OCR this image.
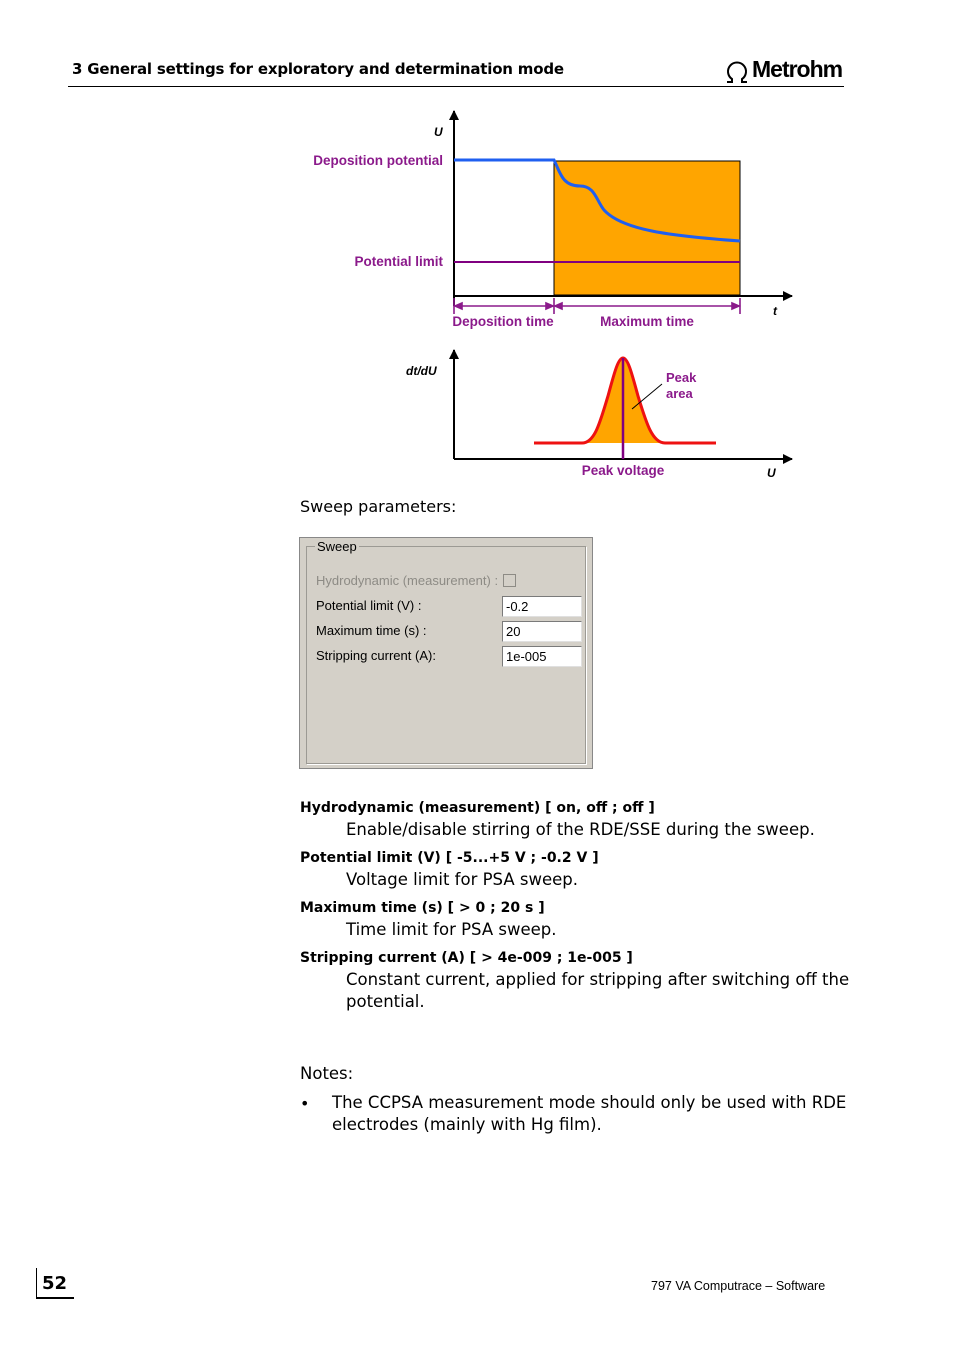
3 General settings for exploratory and determination mode	Metrohm
U
t
Deposition potential
Potential limit
Deposition time	Maximum time
dt/dU
U
Peak
area
Peak voltage
Sweep parameters:
Sweep
Hydrodynamic (measurement) :
Potential limit (V) :	-0.2
Maximum time (s) :	20
Stripping current (A):	1e-005
Hydrodynamic (measurement) [ on, off ; off ]
Enable/disable stirring of the RDE/SSE during the sweep.
Potential limit (V) [ -5...+5 V ; -0.2 V ]
Voltage limit for PSA sweep.
Maximum time (s) [ > 0 ; 20 s ]
Time limit for PSA sweep.
Stripping current (A) [ > 4e-009 ; 1e-005 ]
Constant current, applied for stripping after switching off the
potential.
Notes:
• The CCPSA measurement mode should only be used with RDE
electrodes (mainly with Hg film).
52	797 VA Computrace – Software
